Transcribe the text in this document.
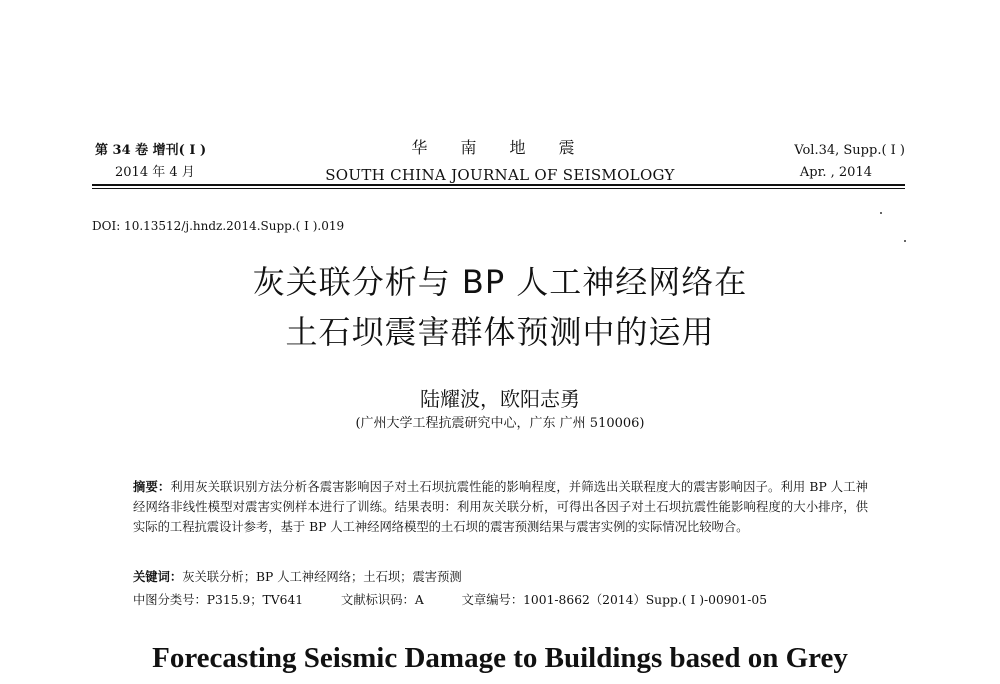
第 34 卷 增刊( Ⅰ )
2014 年 4 月
华 南 地 震
SOUTH CHINA JOURNAL OF SEISMOLOGY
Vol.34, Supp.( Ⅰ )
Apr. , 2014
DOI: 10.13512/j.hndz.2014.Supp.( Ⅰ ).019
灰关联分析与 BP 人工神经网络在
土石坝震害群体预测中的运用
陆耀波，欧阳志勇
(广州大学工程抗震研究中心，广东 广州 510006)
摘要：利用灰关联识别方法分析各震害影响因子对土石坝抗震性能的影响程度，并筛选出关联程度大的震害影响因子。利用 BP 人工神经网络非线性模型对震害实例样本进行了训练。结果表明：利用灰关联分析，可得出各因子对土石坝抗震性能影响程度的大小排序，供实际的工程抗震设计参考，基于 BP 人工神经网络模型的土石坝的震害预测结果与震害实例的实际情况比较吻合。
关键词：灰关联分析；BP 人工神经网络；土石坝；震害预测
中图分类号：P315.9；TV641	文献标识码：A	文章编号：1001-8662（2014）Supp.( Ⅰ )-00901-05
Forecasting Seismic Damage to Buildings based on Grey
